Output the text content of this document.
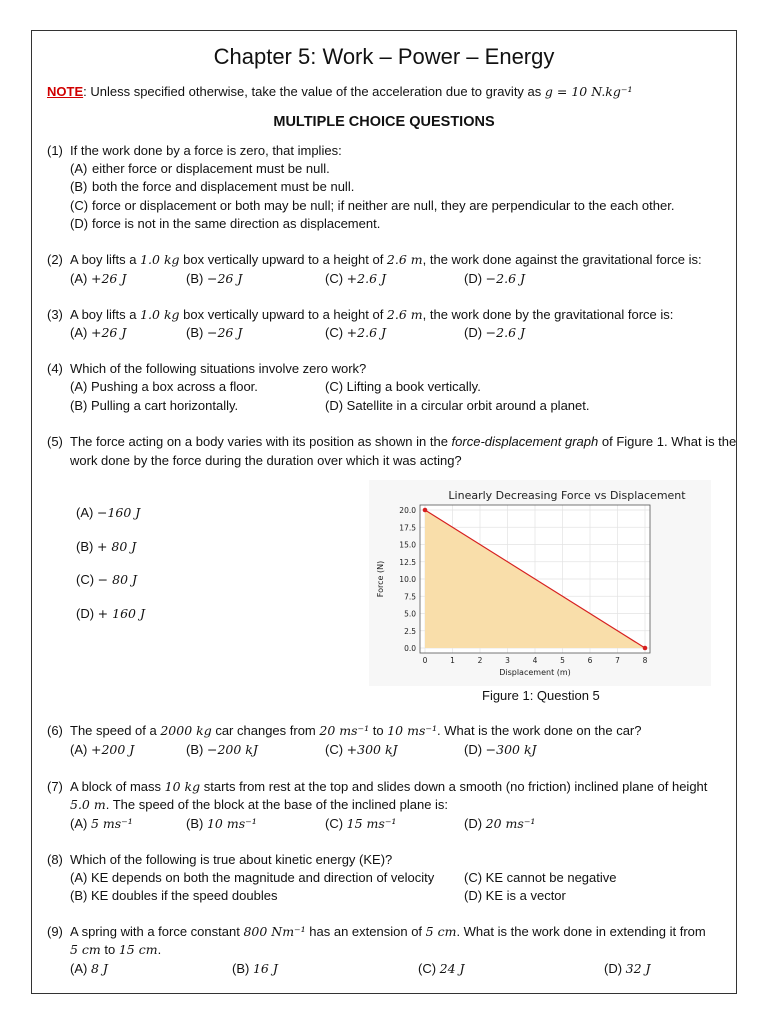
Chapter 5: Work – Power – Energy
NOTE: Unless specified otherwise, take the value of the acceleration due to gravity as g = 10 N.kg⁻¹
MULTIPLE CHOICE QUESTIONS
(1) If the work done by a force is zero, that implies:
(A) either force or displacement must be null.
(B) both the force and displacement must be null.
(C) force or displacement or both may be null; if neither are null, they are perpendicular to the each other.
(D) force is not in the same direction as displacement.
(2) A boy lifts a 1.0 kg box vertically upward to a height of 2.6 m, the work done against the gravitational force is:
(A) +26 J	(B) −26 J	(C) +2.6 J	(D) −2.6 J
(3) A boy lifts a 1.0 kg box vertically upward to a height of 2.6 m, the work done by the gravitational force is:
(A) +26 J	(B) −26 J	(C) +2.6 J	(D) −2.6 J
(4) Which of the following situations involve zero work?
(A) Pushing a box across a floor.	(C) Lifting a book vertically.
(B) Pulling a cart horizontally.	(D) Satellite in a circular orbit around a planet.
(5) The force acting on a body varies with its position as shown in the force-displacement graph of Figure 1. What is the
work done by the force during the duration over which it was acting?
(A) −160 J
(B) + 80 J
(C) − 80 J
(D) + 160 J
Linearly Decreasing Force vs Displacement
0.0
2.5
5.0
7.5
10.0
12.5
15.0
17.5
20.0
0	1	2	3	4	5	6	7	8
Force (N)
Displacement (m)
Figure 1: Question 5
(6) The speed of a 2000 kg car changes from 20 ms⁻¹ to 10 ms⁻¹. What is the work done on the car?
(A) +200 J	(B) −200 kJ	(C) +300 kJ	(D) −300 kJ
(7) A block of mass 10 kg starts from rest at the top and slides down a smooth (no friction) inclined plane of height
5.0 m. The speed of the block at the base of the inclined plane is:
(A) 5 ms⁻¹	(B) 10 ms⁻¹	(C) 15 ms⁻¹	(D) 20 ms⁻¹
(8) Which of the following is true about kinetic energy (KE)?
(A) KE depends on both the magnitude and direction of velocity (C) KE cannot be negative
(B) KE doubles if the speed doubles	(D) KE is a vector
(9) A spring with a force constant 800 Nm⁻¹ has an extension of 5 cm. What is the work done in extending it from
5 cm to 15 cm.
(A) 8 J	(B) 16 J	(C) 24 J	(D) 32 J
